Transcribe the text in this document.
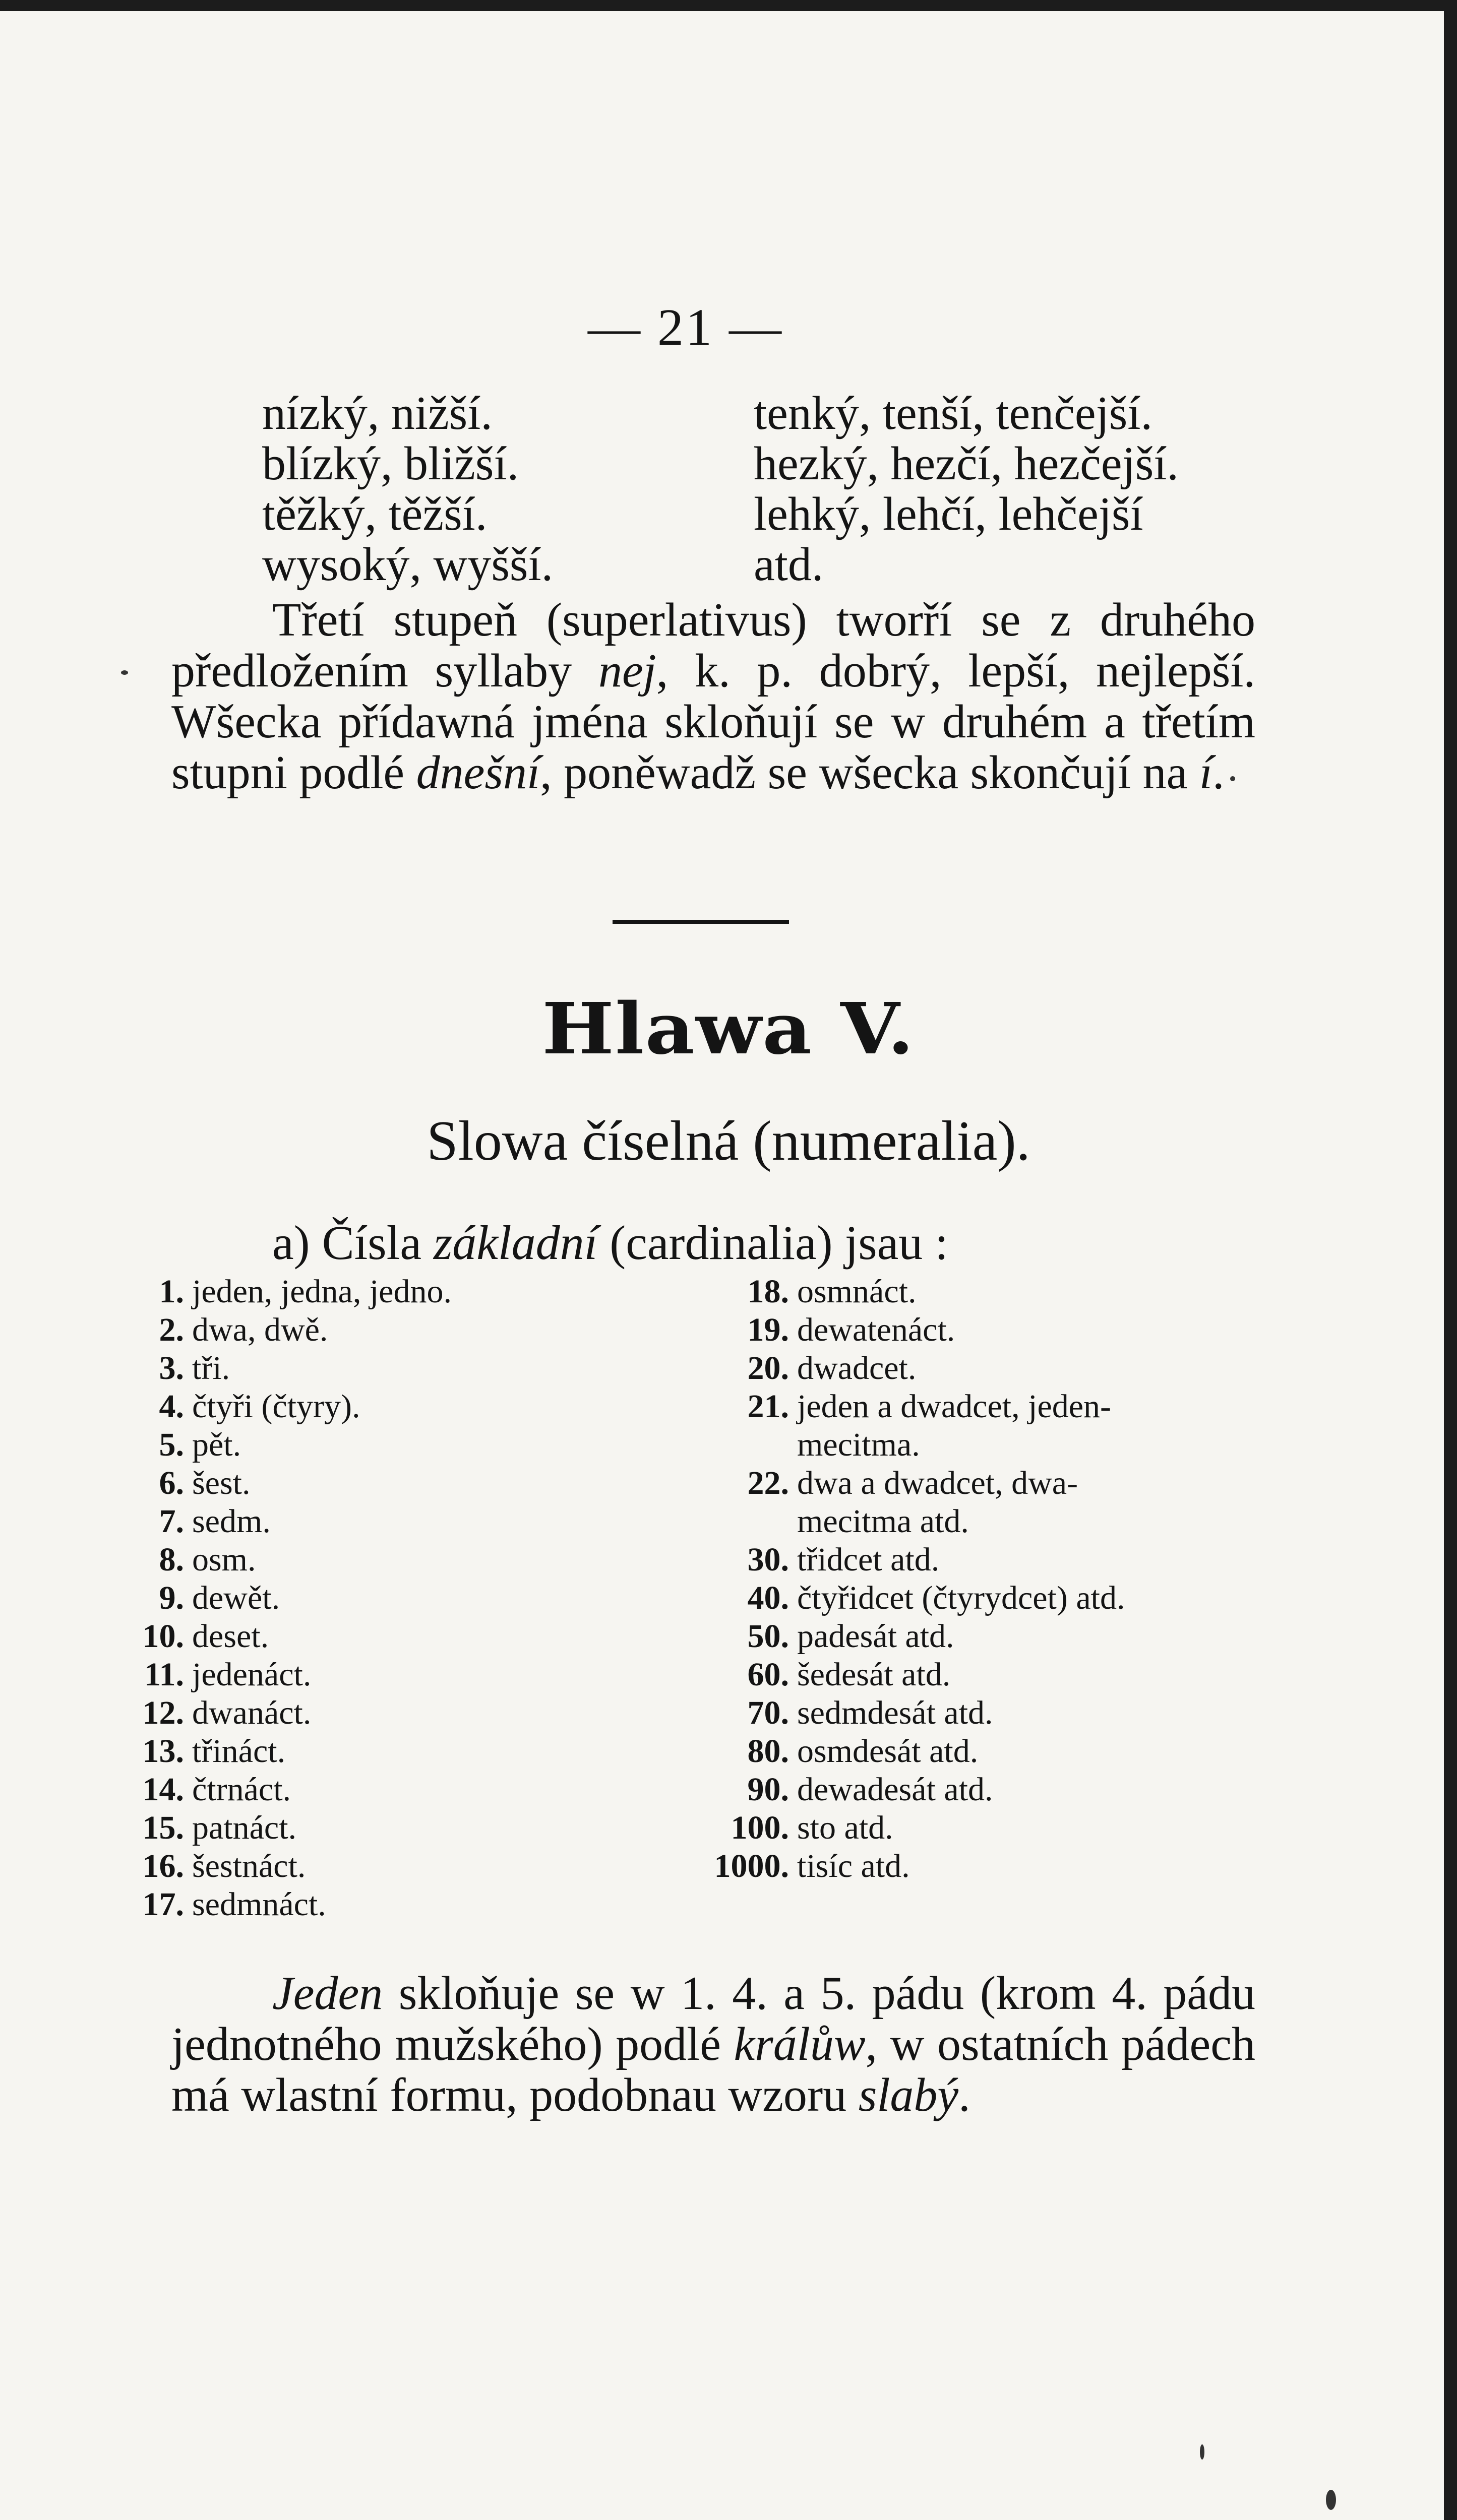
— 21 —
nízký, nižší.	tenký, tenší, tenčejší.
blízký, bližší.	hezký, hezčí, hezčejší.
těžký, těžší.	lehký, lehčí, lehčejší
wysoký, wyšší.	atd.

Třetí stupeň (superlativus) tworří se z druhého předložením syllaby nej, k. p. dobrý, lepší, nejlepší. Wšecka přídawná jména skloňují se w druhém a třetím stupni podlé dnešní, poněwadž se wšecka skončují na í.

Hlawa V.
Slowa číselná (numeralia).
a) Čísla základní (cardinalia) jsau :
1. jeden, jedna, jedno.
2. dwa, dwě.
3. tři.
4. čtyři (čtyry).
5. pět.
6. šest.
7. sedm.
8. osm.
9. dewět.
10. deset.
11. jedenáct.
12. dwanáct.
13. třináct.
14. čtrnáct.
15. patnáct.
16. šestnáct.
17. sedmnáct.
18. osmnáct.
19. dewatenáct.
20. dwadcet.
21. jeden a dwadcet, jeden-
mecitma.
22. dwa a dwadcet, dwa-
mecitma atd.
30. třidcet atd.
40. čtyřidcet (čtyrydcet) atd.
50. padesát atd.
60. šedesát atd.
70. sedmdesát atd.
80. osmdesát atd.
90. dewadesát atd.
100. sto atd.
1000. tisíc atd.

Jeden skloňuje se w 1. 4. a 5. pádu (krom 4. pádu jednotného mužského) podlé králůw, w ostatních pádech má wlastní formu, podobnau wzoru slabý.
